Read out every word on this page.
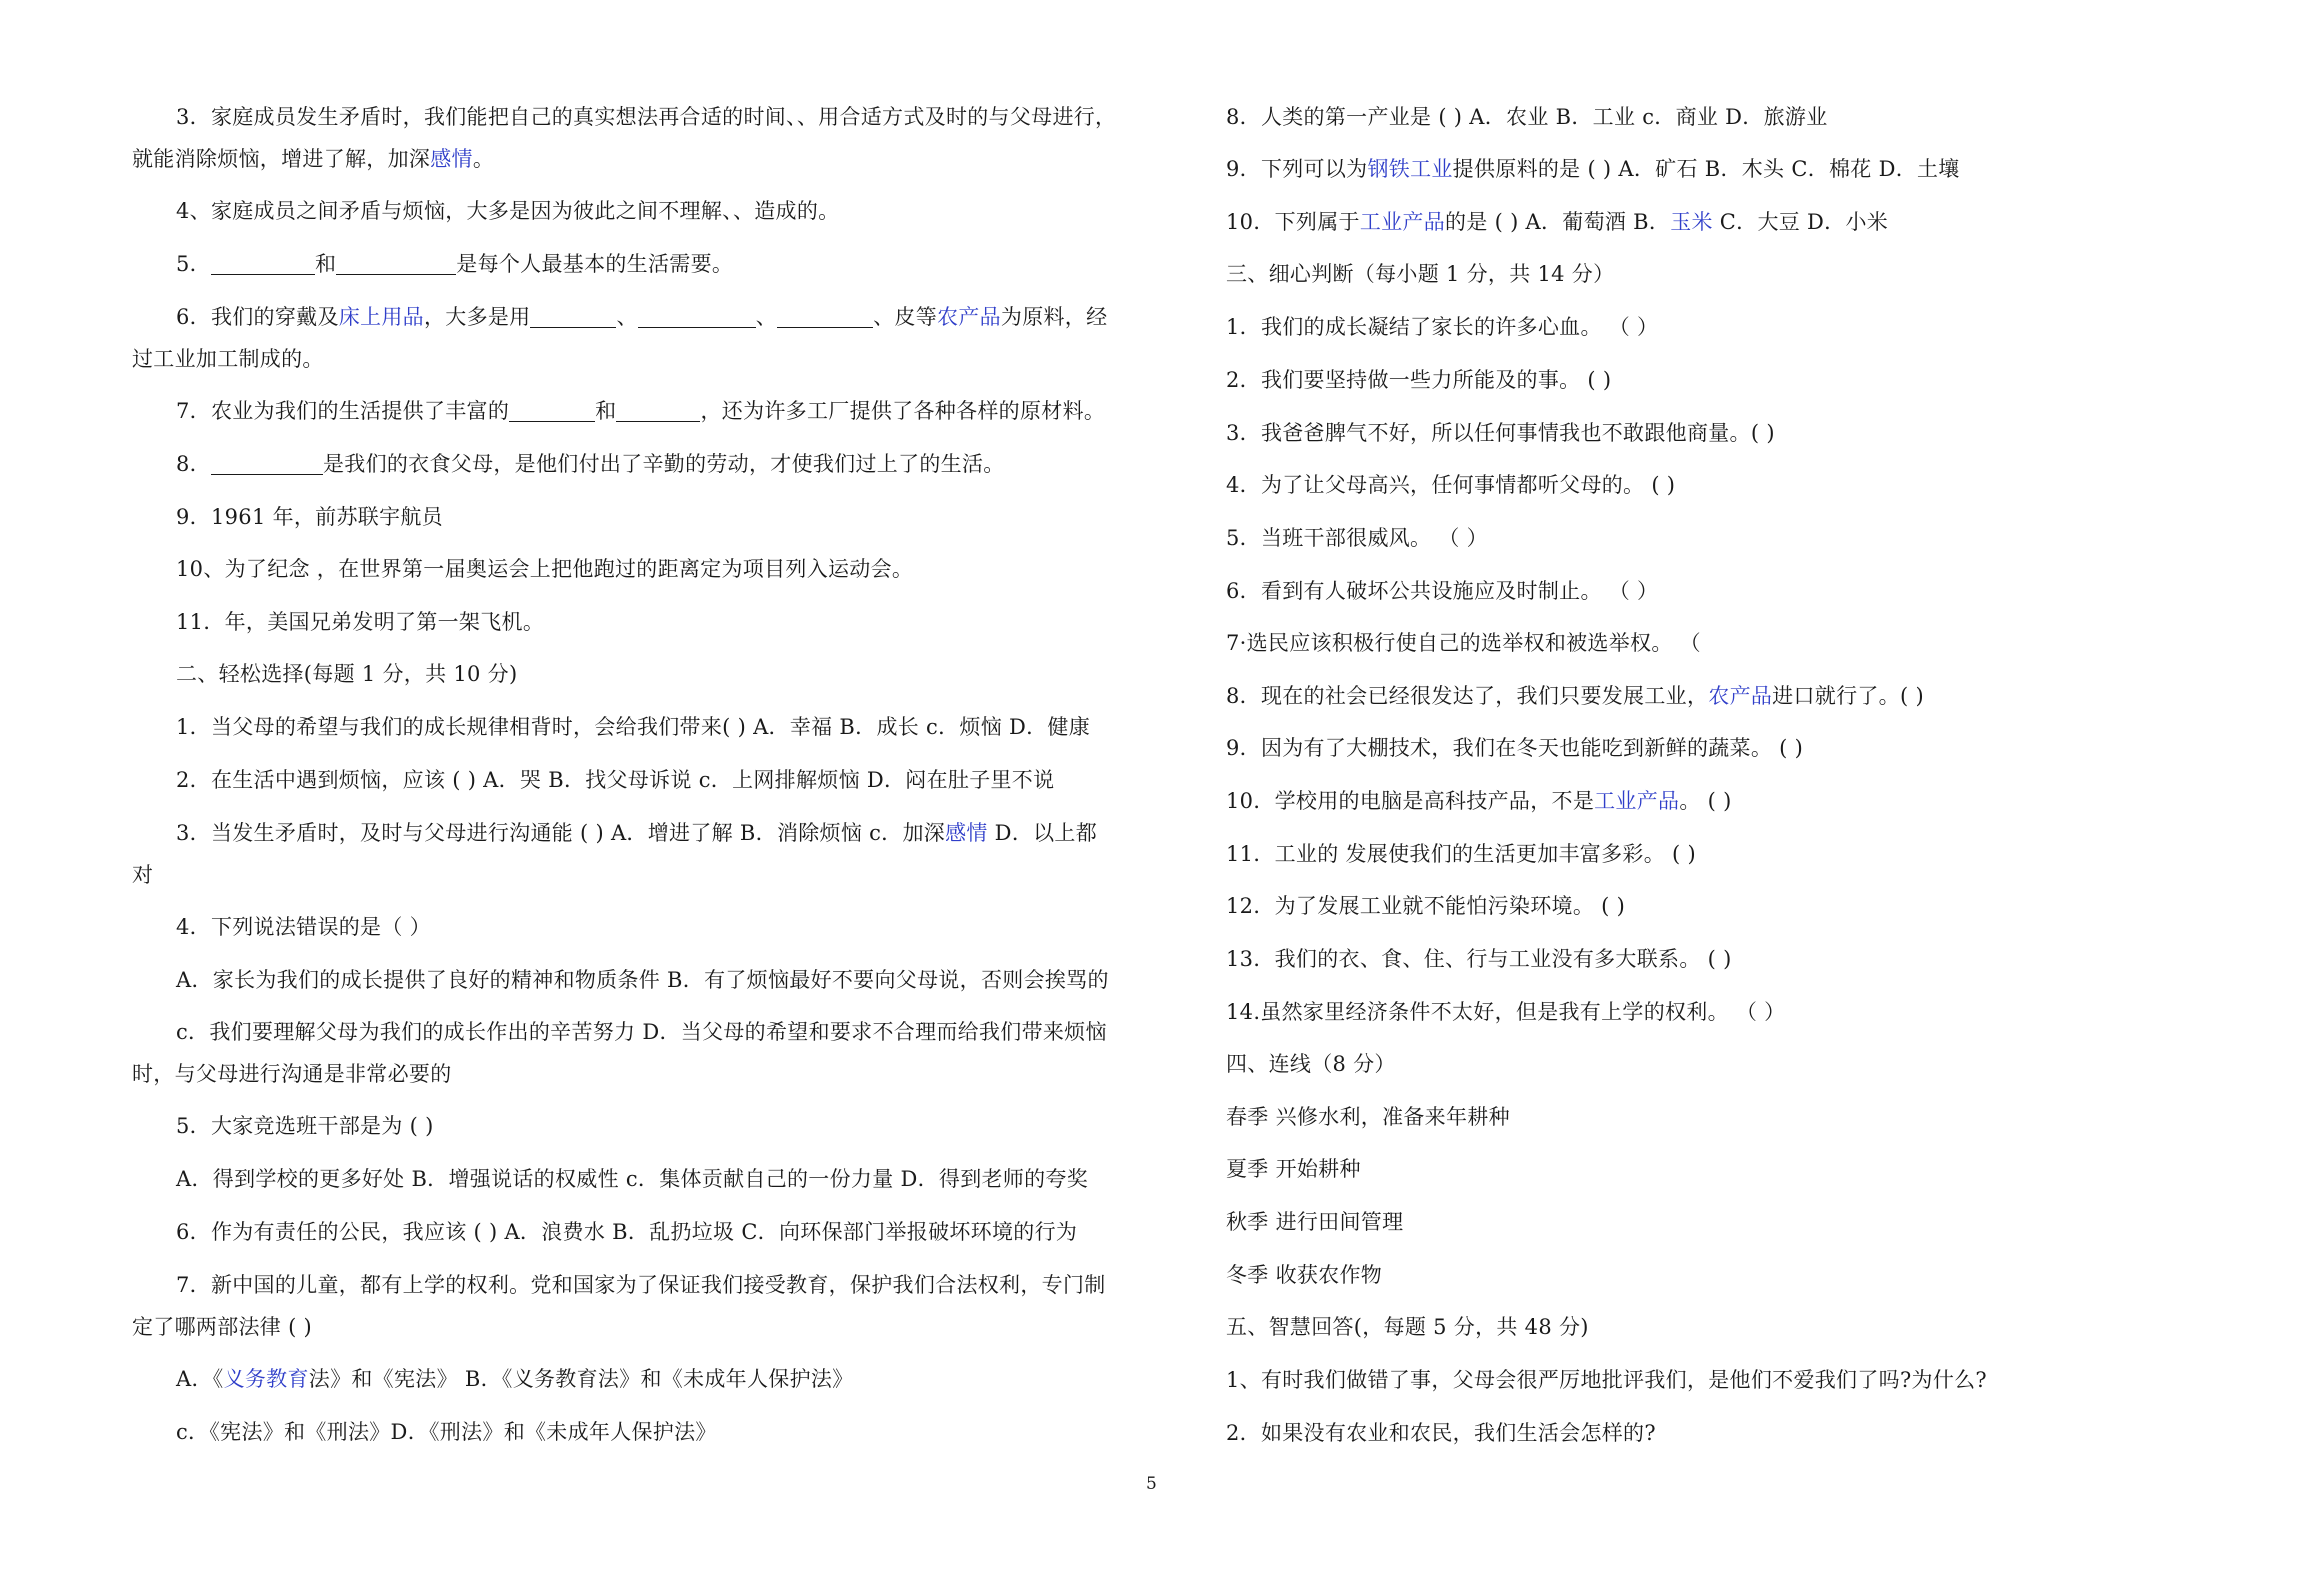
3．家庭成员发生矛盾时，我们能把自己的真实想法再合适的时间、、用合适方式及时的与父母进行，
就能消除烦恼，增进了解，加深感情。
4、家庭成员之间矛盾与烦恼，大多是因为彼此之间不理解、、造成的。
5．	和	是每个人最基本的生活需要。
6．我们的穿戴及床上用品，大多是用	、	、	、皮等农产品为原料，经
过工业加工制成的。
7．农业为我们的生活提供了丰富的	和	，还为许多工厂提供了各种各样的原材料。
8．	是我们的衣食父母，是他们付出了辛勤的劳动，才使我们过上了的生活。
9．1961 年，前苏联宇航员
10、为了纪念 ，在世界第一届奥运会上把他跑过的距离定为项目列入运动会。
11．年，美国兄弟发明了第一架飞机。
二、轻松选择(每题 1 分，共 10 分)
1．当父母的希望与我们的成长规律相背时，会给我们带来( ) A．幸福 B．成长 c．烦恼 D．健康
2．在生活中遇到烦恼，应该 ( ) A．哭 B．找父母诉说 c．上网排解烦恼 D．闷在肚子里不说
3．当发生矛盾时，及时与父母进行沟通能 ( ) A．增进了解 B．消除烦恼 c．加深感情 D．以上都
对
4．下列说法错误的是（ ）
A．家长为我们的成长提供了良好的精神和物质条件 B．有了烦恼最好不要向父母说，否则会挨骂的
c．我们要理解父母为我们的成长作出的辛苦努力 D．当父母的希望和要求不合理而给我们带来烦恼
时，与父母进行沟通是非常必要的
5．大家竞选班干部是为 ( )
A．得到学校的更多好处 B．增强说话的权威性 c．集体贡献自己的一份力量 D．得到老师的夸奖
6．作为有责任的公民，我应该 ( ) A．浪费水 B．乱扔垃圾 C．向环保部门举报破坏环境的行为
7．新中国的儿童，都有上学的权利。党和国家为了保证我们接受教育，保护我们合法权利，专门制
定了哪两部法律 ( )
A．《义务教育法》和《宪法》 B．《义务教育法》和《未成年人保护法》
c．《宪法》和《刑法》D．《刑法》和《未成年人保护法》
8．人类的第一产业是 ( ) A．农业 B．工业 c．商业 D．旅游业
9．下列可以为钢铁工业提供原料的是 ( ) A．矿石 B．木头 C．棉花 D．土壤
10．下列属于工业产品的是 ( ) A．葡萄酒 B．玉米 C．大豆 D．小米
三、细心判断（每小题 1 分，共 14 分）
1．我们的成长凝结了家长的许多心血。 （ ）
2．我们要坚持做一些力所能及的事。 ( )
3．我爸爸脾气不好，所以任何事情我也不敢跟他商量。( )
4．为了让父母高兴，任何事情都听父母的。 ( )
5．当班干部很威风。 （ ）
6．看到有人破坏公共设施应及时制止。 （ ）
7·选民应该积极行使自己的选举权和被选举权。 （
8．现在的社会已经很发达了，我们只要发展工业，农产品进口就行了。( )
9．因为有了大棚技术，我们在冬天也能吃到新鲜的蔬菜。 ( )
10．学校用的电脑是高科技产品，不是工业产品。 ( )
11．工业的 发展使我们的生活更加丰富多彩。 ( )
12．为了发展工业就不能怕污染环境。 ( )
13．我们的衣、食、住、行与工业没有多大联系。 ( )
14.虽然家里经济条件不太好，但是我有上学的权利。 （ ）
四、连线（8 分）
春季 兴修水利，准备来年耕种
夏季 开始耕种
秋季 进行田间管理
冬季 收获农作物
五、智慧回答(，每题 5 分，共 48 分)
1、有时我们做错了事，父母会很严厉地批评我们，是他们不爱我们了吗?为什么?
2．如果没有农业和农民，我们生活会怎样的?
5
